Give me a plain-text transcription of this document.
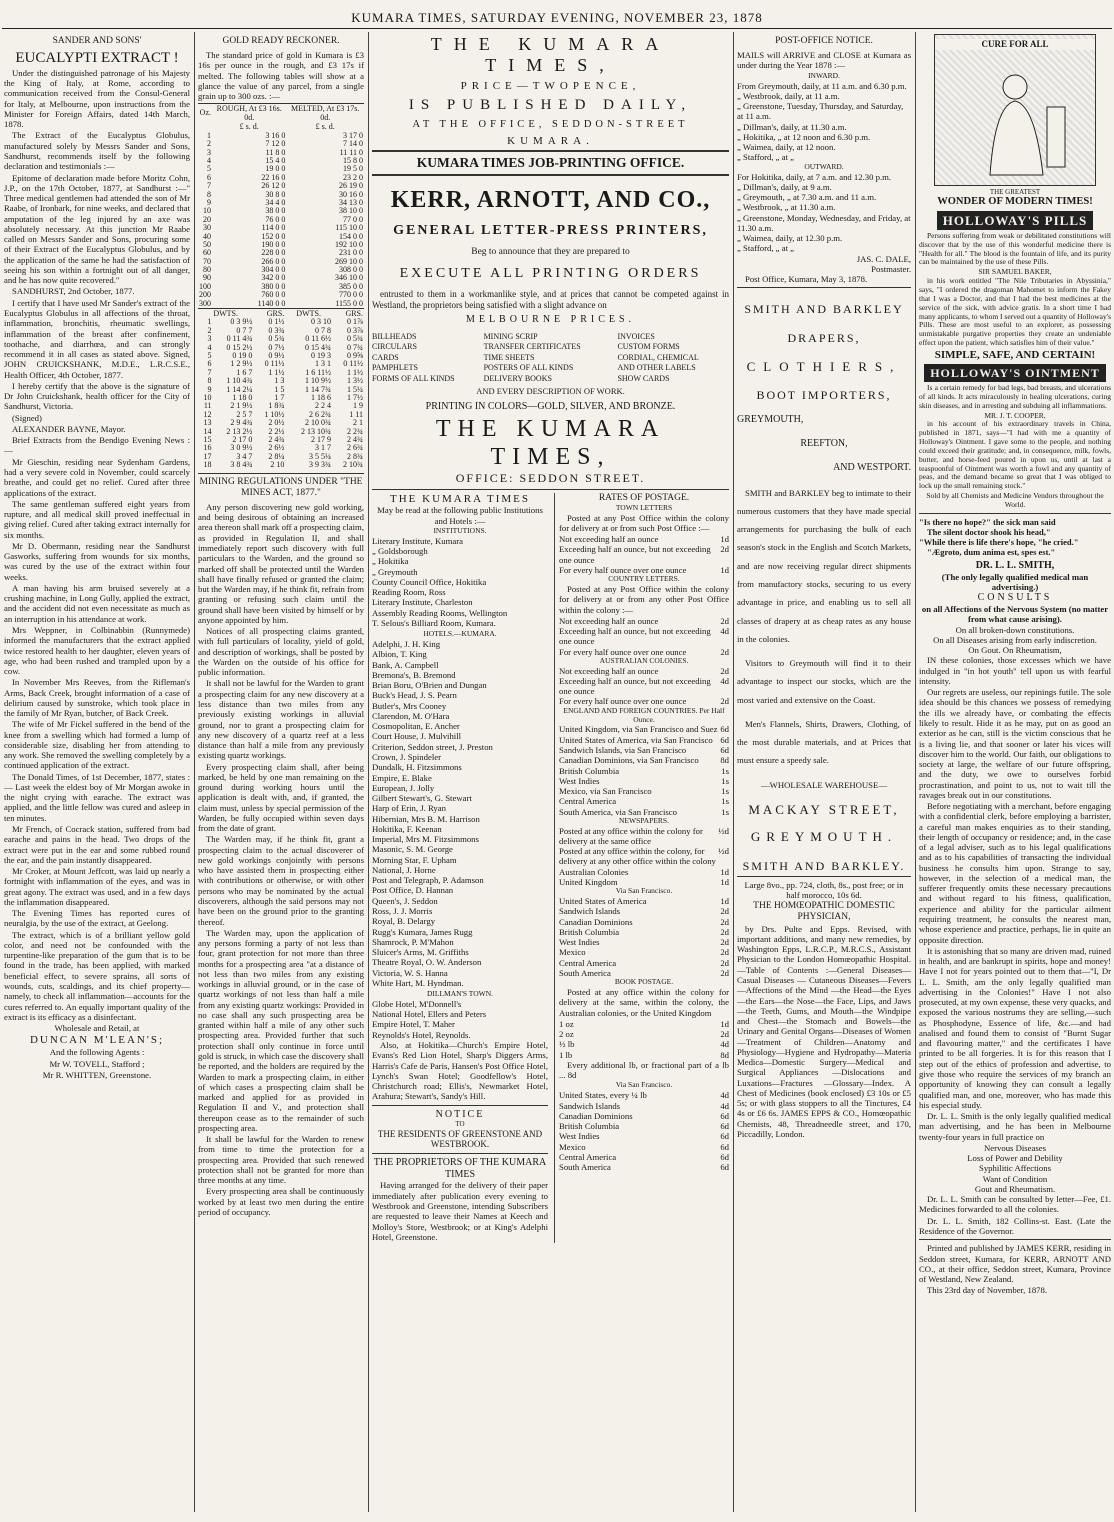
KUMARA TIMES, SATURDAY EVENING, NOVEMBER 23, 1878
SANDER AND SONS'
EUCALYPTI EXTRACT !

Under the distinguished patronage of his Majesty the King of Italy, at Rome, according to communication received from the Consul-General for Italy, at Melbourne, upon instructions from the Minister for Foreign Affairs, dated 14th March, 1878.

The Extract of the Eucalyptus Globulus, manufactured solely by Messrs Sander and Sons, Sandhurst, recommends itself by the following declaration and testimonials :—

Epitome of declaration made before Moritz Cohn, J.P., on the 17th October, 1877, at Sandhurst :—" Three medical gentlemen had attended the son of Mr Raabe, of Ironbark, for nine weeks, and declared that amputation of the leg injured by an axe was absolutely necessary. At this junction Mr Raabe called on Messrs Sander and Sons, procuring some of their Extract of the Eucalyptus Globulus, and by the application of the same he had the satisfaction of seeing his son within a fortnight out of all danger, and he has now quite recovered."

SANDHURST, 2nd October, 1877.

I certify that I have used Mr Sander's extract of the Eucalyptus Globulus in all affections of the throat, inflammation, bronchitis, rheumatic swellings, inflammation of the breast after confinement, toothache, and diarrhœa, and can strongly recommend it in all cases as stated above. Signed, JOHN CRUICKSHANK, M.D.E., L.R.C.S.E., Health Officer, 4th October, 1877.

I hereby certify that the above is the signature of Dr John Cruickshank, health officer for the City of Sandhurst, Victoria.

(Signed)

ALEXANDER BAYNE, Mayor.

Brief Extracts from the Bendigo Evening News :—

Mr Gieschin, residing near Sydenham Gardens, had a very severe cold in November, could scarcely breathe, and could get no relief. Cured after three applications of the extract.

The same gentleman suffered eight years from rupture, and all medical skill proved ineffectual in giving relief. Cured after taking extract internally for six months.

Mr D. Obermann, residing near the Sandhurst Gasworks, suffering from wounds for six months, was cured by the use of the extract within four weeks.

A man having his arm bruised severely at a crushing machine, in Long Gully, applied the extract, and the accident did not even necessitate as much as an interruption in his attendance at work.

Mrs Weppner, in Colbinabbin (Runnymede) informed the manufacturers that the extract applied twice restored health to her daughter, eleven years of age, who had been rushed and trampled upon by a cow.

In November Mrs Reeves, from the Rifleman's Arms, Back Creek, brought information of a case of delirium caused by sunstroke, which took place in the family of Mr Ryan, butcher, of Back Creek.

The wife of Mr Fickel suffered in the bend of the knee from a swelling which had formed a lump of considerable size, disabling her from attending to any work. She removed the swelling completely by a continued application of the extract.

The Donald Times, of 1st December, 1877, states :— Last week the eldest boy of Mr Morgan awoke in the night crying with earache. The extract was applied, and the little fellow was cured and asleep in ten minutes.

Mr French, of Cocrack station, suffered from bad earache and pains in the head. Two drops of the extract were put in the ear and some rubbed round the ear, and the pain instantly disappeared.

Mr Croker, at Mount Jeffcott, was laid up nearly a fortnight with inflammation of the eyes, and was in great agony. The extract was used, and in a few days the inflammation disappeared.

The Evening Times has reported cures of neuralgia, by the use of the extract, at Geelong.

The extract, which is of a brilliant yellow gold color, and need not be confounded with the turpentine-like preparation of the gum that is to be found in the trade, has been applied, with marked beneficial effect, to severe sprains, all sorts of wounds, cuts, scaldings, and its chief property—namely, to check all inflammation—accounts for the cures referred to. An equally important quality of the extract is its efficacy as a disinfectant.

Wholesale and Retail, at

DUNCAN M'LEAN'S;

And the following Agents :

Mr W. TOVELL, Stafford ;

Mr R. WHITTEN, Greenstone.

GOLD READY RECKONER.

The standard price of gold in Kumara is £3 16s per ounce in the rough, and £3 17s if melted. The following tables will show at a glance the value of any parcel, from a single grain up to 300 ozs. :—

Oz.	ROUGH, At £3 16s. 0d.	MELTED, At £3 17s. 0d.
	£ s. d.	£ s. d.
1	3 16 0	3 17 0
2	7 12 0	7 14 0
3	11 8 0	11 11 0
4	15 4 0	15 8 0
5	19 0 0	19 5 0
6	22 16 0	23 2 0
7	26 12 0	26 19 0
8	30 8 0	30 16 0
9	34 4 0	34 13 0
10	38 0 0	38 10 0
20	76 0 0	77 0 0
30	114 0 0	115 10 0
40	152 0 0	154 0 0
50	190 0 0	192 10 0
60	228 0 0	231 0 0
70	266 0 0	269 10 0
80	304 0 0	308 0 0
90	342 0 0	346 10 0
100	380 0 0	385 0 0
200	760 0 0	770 0 0
300	1140 0 0	1155 0 0
DWTS.		GRS.	DWTS.	GRS.
1	0 3 9½	0 1½	0 3 10	0 1⅞
2	0 7 7	0 3¾	0 7 8	0 3⅞
3	0 11 4¾	0 5¾	0 11 6½	0 5¾
4	0 15 2½	0 7½	0 15 4¾	0 7¾
5	0 19 0	0 9½	0 19 3	0 9⅝
6	1 2 9½	0 11½	1 3 1	0 11½
7	1 6 7	1 1½	1 6 11½	1 1½
8	1 10 4¾	1 3	1 10 9½	1 3½
9	1 14 2¼	1 5	1 14 7¾	1 5¼
10	1 18 0	1 7	1 18 6	1 7½
11	2 1 9½	1 8¾	2 2 4	1 9
12	2 5 7	1 10½	2 6 2¾	1 11
13	2 9 4¾	2 0½	2 10 0¾	2 1
14	2 13 2½	2 2½	2 13 10¾	2 2¾
15	2 17 0	2 4¾	2 17 9	2 4¾
16	3 0 9½	2 6½	3 1 7	2 6¾
17	3 4 7	2 8¼	3 5 5¼	2 8¾
18	3 8 4¾	2 10	3 9 3¾	2 10¾
MINING REGULATIONS UNDER "THE MINES ACT, 1877."

Any person discovering new gold working, and being desirous of obtaining an increased area thereon shall mark off a prospecting claim, as provided in Regulation II, and shall immediately report such discovery with full particulars to the Warden, and the ground so marked off shall be protected until the Warden shall have finally refused or granted the claim; but the Warden may, if he think fit, refrain from granting or refusing such claim until the ground shall have been visited by himself or by anyone appointed by him.

Notices of all prospecting claims granted, with full particulars of locality, yield of gold, and description of workings, shall be posted by the Warden on the outside of his office for public information.

It shall not be lawful for the Warden to grant a prospecting claim for any new discovery at a less distance than two miles from any previously existing workings in alluvial ground, nor to grant a prospecting claim for any new discovery of a quartz reef at a less distance than half a mile from any previously existing quartz workings.

Every prospecting claim shall, after being marked, be held by one man remaining on the ground during working hours until the application is dealt with, and, if granted, the claim must, unless by special permission of the Warden, be fully occupied within seven days from the date of grant.

The Warden may, if he think fit, grant a prospecting claim to the actual discoverer of new gold workings conjointly with persons who have assisted them in prospecting either with contributions or otherwise, or with other persons who may be nominated by the actual discoverers, although the said persons may not have been on the ground prior to the granting thereof.

The Warden may, upon the application of any persons forming a party of not less than four, grant protection for not more than three months for a prospecting area "at a distance of not less than two miles from any existing workings in alluvial ground, or in the case of quartz workings of not less than half a mile from any existing quartz workings: Provided in no case shall any such prospecting area be granted within half a mile of any other such prospecting area. Provided further that such protection shall only continue in force until gold is struck, in which case the discovery shall be reported, and the holders are required by the Warden to mark a prospecting claim, in either of which cases a prospecting claim shall be marked and applied for as provided in Regulation II and V., and protection shall thereupon cease as to the remainder of such prospecting area.

It shall be lawful for the Warden to renew from time to time the protection for a prospecting area. Provided that such renewed protection shall not be granted for more than three months at any time.

Every prospecting area shall be continuously worked by at least two men during the entire period of occupancy.

THE KUMARA TIMES,
PRICE—TWOPENCE,
IS PUBLISHED DAILY,
AT THE OFFICE, SEDDON-STREET
KUMARA.
KUMARA TIMES JOB-PRINTING OFFICE.
KERR, ARNOTT, AND CO.,
GENERAL LETTER-PRESS PRINTERS,
Beg to announce that they are prepared to
EXECUTE ALL PRINTING ORDERS

entrusted to them in a workmanlike style, and at prices that cannot be competed against in Westland, the proprietors being satisfied with a slight advance on

MELBOURNE PRICES.
BILLHEADS
CIRCULARS
CARDS
PAMPHLETS
FORMS OF ALL KINDS
MINING SCRIP
TRANSFER CERTIFICATES
TIME SHEETS
POSTERS OF ALL KINDS
DELIVERY BOOKS
INVOICES
CUSTOM FORMS
CORDIAL, CHEMICAL
AND OTHER LABELS
SHOW CARDS
AND EVERY DESCRIPTION OF WORK.
PRINTING IN COLORS—GOLD, SILVER, AND BRONZE.
THE KUMARA TIMES,
OFFICE: SEDDON STREET.
THE KUMARA TIMES

May be read at the following public Institutions and Hotels :—

INSTITUTIONS.
Literary Institute, Kumara
„ Goldsborough
„ Hokitika
„ Greymouth
County Council Office, Hokitika
Reading Room, Ross
Literary Institute, Charleston
Assembly Reading Rooms, Wellington
T. Selous's Billiard Room, Kumara.
HOTELS.—KUMARA.
Adelphi, J. H. King
Albion, T. King
Bank, A. Campbell
Bremona's, B. Bremond
Brian Boru, O'Brien and Dungan
Buck's Head, J. S. Pearn
Butler's, Mrs Cooney
Clarendon, M. O'Hara
Cosmopolitan, E. Ancher
Court House, J. Mulvihill
Criterion, Seddon street, J. Preston
Crown, J. Spindeler
Dundalk, H. Fitzsimmons
Empire, E. Blake
European, J. Jolly
Gilbert Stewart's, G. Stewart
Harp of Erin, J. Ryan
Hibernian, Mrs B. M. Harrison
Hokitika, F. Keenan
Imperial, Mrs M. Fitzsimmons
Masonic, S. M. George
Morning Star, F. Upham
National, J. Horne
Post and Telegraph, P. Adamson
Post Office, D. Hannan
Queen's, J. Seddon
Ross, J. J. Morris
Royal, B. Delargy
Rugg's Kumara, James Rugg
Shamrock, P. M'Mahon
Sluicer's Arms, M. Griffiths
Theatre Royal, O. W. Anderson
Victoria, W. S. Hanna
White Hart, M. Hyndman.
DILLMAN'S TOWN.
Globe Hotel, M'Donnell's
National Hotel, Ellers and Peters
Empire Hotel, T. Maher
Reynolds's Hotel, Reynolds.

Also, at Hokitika—Church's Empire Hotel, Evans's Red Lion Hotel, Sharp's Diggers Arms, Harris's Cafe de Paris, Hansen's Post Office Hotel, Lynch's Swan Hotel; Goodfellow's Hotel, Christchurch road; Ellis's, Newmarket Hotel, Arahura; Stewart's, Sandy's Hill.

NOTICE
TO
THE RESIDENTS OF GREENSTONE AND WESTBROOK.
THE PROPRIETORS OF THE KUMARA TIMES

Having arranged for the delivery of their paper immediately after publication every evening to Westbrook and Greenstone, intending Subscribers are requested to leave their Names at Keech and Molloy's Store, Westbrook; or at King's Adelphi Hotel, Greenstone.

RATES OF POSTAGE.
TOWN LETTERS

Posted at any Post Office within the colony for delivery at or from such Post Office :—

Not exceeding half an ounce	1d
Exceeding half an ounce, but not exceeding one ounce
2d
For every half ounce over one ounce	1d
COUNTRY LETTERS.

Posted at any Post Office within the colony for delivery at or from any other Post Office within the colony :—

Not exceeding half an ounce	2d
Exceeding half an ounce, but not exceeding one ounce
4d
For every half ounce over one ounce	2d
AUSTRALIAN COLONIES.
Not exceeding half an ounce	2d
Exceeding half an ounce, but not exceeding one ounce
4d
For every half ounce over one ounce	2d
ENGLAND AND FOREIGN COUNTRIES. Per Half Ounce.
United Kingdom, via San Francisco and Suez 6d
United States of America, via San Francisco 6d
Sandwich Islands, via San Francisco	6d
Canadian Dominions, via San Francisco 8d
British Columbia	1s
West Indies	1s
Mexico, via San Francisco	1s
Central America	1s
South America, via San Francisco	1s
NEWSPAPERS.
Posted at any office within the colony for delivery at the same office
½d
Posted at any office within the colony, for delivery at any other office within the colony
½d
Australian Colonies	1d
United Kingdom	1d
Via San Francisco.
United States of America	1d
Sandwich Islands	2d
Canadian Dominions	2d
British Columbia	2d
West Indies	2d
Mexico	2d
Central America	2d
South America	2d
BOOK POSTAGE.

Posted at any office within the colony for delivery at the same, within the colony, the Australian colonies, or the United Kingdom

1 oz	1d
2 oz	2d
½ lb	4d
1 lb	8d

Every additional lb, or fractional part of a lb ... 8d

Via San Francisco.
United States, every ¼ lb	4d
Sandwich Islands	4d
Canadian Dominions	6d
British Columbia	6d
West Indies	6d
Mexico	6d
Central America	6d
South America	6d
POST-OFFICE NOTICE.

MAILS will ARRIVE and CLOSE at Kumara as under during the Year 1878 :—

INWARD.
From Greymouth, daily, at 11 a.m. and 6.30 p.m.
„ Westbrook, daily, at 11 a.m.
„ Greenstone, Tuesday, Thursday, and Saturday, at 11 a.m.
„ Dillman's, daily, at 11.30 a.m.
„ Hokitika, „ at 12 noon and 6.30 p.m.
„ Waimea, daily, at 12 noon.
„ Stafford, „ at „
OUTWARD.
For Hokitika, daily, at 7 a.m. and 12.30 p.m.
„ Dillman's, daily, at 9 a.m.
„ Greymouth, „ at 7.30 a.m. and 11 a.m.
„ Westbrook, „ at 11.30 a.m.
„ Greenstone, Monday, Wednesday, and Friday, at 11.30 a.m.
„ Waimea, daily, at 12.30 p.m.
„ Stafford, „ at „
JAS. C. DALE,
Postmaster.

Post Office, Kumara, May 3, 1878.

SMITH AND BARKLEY
DRAPERS,
CLOTHIERS,
BOOT IMPORTERS,
GREYMOUTH,
REEFTON,
AND WESTPORT.

SMITH and BARKLEY beg to intimate to their numerous customers that they have made special arrangements for purchasing the bulk of each season's stock in the English and Scotch Markets, and are now receiving regular direct shipments from manufactory stocks, securing to us every advantage in price, and enabling us to sell all classes of drapery at as cheap rates as any house in the colonies.

Visitors to Greymouth will find it to their advantage to inspect our stocks, which are the most varied and extensive on the Coast.

Men's Flannels, Shirts, Drawers, Clothing, of the most durable materials, and at Prices that must ensure a speedy sale.

—WHOLESALE WAREHOUSE—
MACKAY STREET,
GREYMOUTH.
SMITH AND BARKLEY.

Large 8vo., pp. 724, cloth, 8s., post free; or in half morocco, 10s 6d.

THE HOMŒOPATHIC DOMESTIC PHYSICIAN,

by Drs. Pulte and Epps. Revised, with important additions, and many new remedies, by Washington Epps, L.R.C.P., M.R.C.S., Assistant Physician to the London Homœopathic Hospital.—Table of Contents :—General Diseases—Casual Diseases — Cutaneous Diseases—Fevers—Affections of the Mind —the Head—the Eyes—the Ears—the Nose—the Face, Lips, and Jaws—the Teeth, Gums, and Mouth—the Windpipe and Chest—the Stomach and Bowels—the Urinary and Genital Organs—Diseases of Women—Treatment of Children—Anatomy and Physiology—Hygiene and Hydropathy—Materia Medica—Domestic Surgery—Medical and Surgical Appliances —Dislocations and Luxations—Fractures —Glossary—Index. A Chest of Medicines (book enclosed) £3 10s or £5 5s; or with glass stoppers to all the Tinctures, £4 4s or £6 6s. JAMES EPPS & CO., Homœopathic Chemists, 48, Threadneedle street, and 170, Piccadilly, London.

CURE FOR ALL
THE GREATEST
WONDER OF MODERN TIMES!
HOLLOWAY'S PILLS

Persons suffering from weak or debilitated constitutions will discover that by the use of this wonderful medicine there is "Health for all." The blood is the fountain of life, and its purity can be maintained by the use of these Pills.

SIR SAMUEL BAKER,

in his work entitled "The Nile Tributaries in Abyssinia," says, "I ordered the dragoman Mahomet to inform the Fakey that I was a Doctor, and that I had the best medicines at the service of the sick, with advice gratis. In a short time I had many applicants, to whom I served out a quantity of Holloway's Pills. These are most useful to an explorer, as possessing unmistakable purgative properties they create an undeniable effect upon the patient, which satisfies him of their value."

SIMPLE, SAFE, AND CERTAIN!
HOLLOWAY'S OINTMENT

Is a certain remedy for bad legs, bad breasts, and ulcerations of all kinds. It acts miraculously in healing ulcerations, curing skin diseases, and in arresting and subduing all inflammations.

MR. J. T. COOPER,

in his account of his extraordinary travels in China, published in 1871, says—"I had with me a quantity of Holloway's Ointment. I gave some to the people, and nothing could exceed their gratitude; and, in consequence, milk, fowls, butter, and horse-feed poured in upon us, until at last a teaspoonful of Ointment was worth a fowl and any quantity of peas, and the demand became so great that I was obliged to lock up the small remaining stock."

Sold by all Chemists and Medicine Vendors throughout the World.

"Is there no hope?" the sick man said
The silent doctor shook his head,"
"While there is life there's hope, "he cried."
"Ægroto, dum anima est, spes est."
DR. L. L. SMITH,
(The only legally qualified medical man advertising.)
CONSULTS
on all Affections of the Nervous System (no matter from what cause arising).
On all broken-down constitutions.
On all Diseases arising from early indiscretion.
On Gout. On Rheumatism,

IN these colonies, those excesses which we have indulged in "in hot youth" tell upon us with fearful intensity.

Our regrets are useless, our repinings futile. The sole idea should be this chances we possess of remedying the ills we already have, or combating the effects likely to result. Hide it as he may, put on as good an exterior as he can, still is the victim conscious that he is a living lie, and that sooner or later his vices will discover him to the world. Our faith, our obligations to society at large, the welfare of our future offspring, and the duty, we owe to ourselves forbid procrastination, and point to us, not to wait till the ravages break out in our constitutions.

Before negotiating with a merchant, before engaging with a confidential clerk, before employing a barrister, a careful man makes enquiries as to their standing, their length of occupancy or residence; and, in the case of a legal adviser, such as to his legal qualifications and as to his capabilities of transacting the individual business he consults him upon. Strange to say, however, in the selection of a medical man, the sufferer frequently omits these necessary precautions and without regard to his fitness, qualification, experience and ability for the particular ailment requiring treatment, he consults the nearest man, whose experience and practice, perhaps, lie in quite an opposite direction.

It is astonishing that so many are driven mad, ruined in health, and are bankrupt in spirits, hope and money! Have I not for years pointed out to them that—"I, Dr L. L. Smith, am the only legally qualified man advertising in the Colonies!" Have I not also prosecuted, at my own expense, these very quacks, and exposed the various nostrums they are selling,—such as Phosphodyne, Essence of life, &c.—and had analised and found them to consist of "Burnt Sugar and flavouring matter," and the certificates I have printed to be all forgeries. It is for this reason that I step out of the ethics of profession and advertise, to give those who require the services of my branch an opportunity of knowing they can consult a legally qualified man, and one, moreover, who has made this his especial study.

Dr. L. L. Smith is the only legally qualified medical man advertising, and he has been in Melbourne twenty-four years in full practice on

Nervous Diseases
Loss of Power and Debility
Syphilitic Affections
Want of Condition
Gout and Rheumatism.

Dr. L. L. Smith can be consulted by letter—Fee, £1. Medicines forwarded to all the colonies.

Dr. L. L. Smith, 182 Collins-st. East. (Late the Residence of the Governor.

Printed and published by JAMES KERR, residing in Seddon street, Kumara, for KERR, ARNOTT AND CO., at their office, Seddon street, Kumara, Province of Westland, New Zealand.

This 23rd day of November, 1878.
